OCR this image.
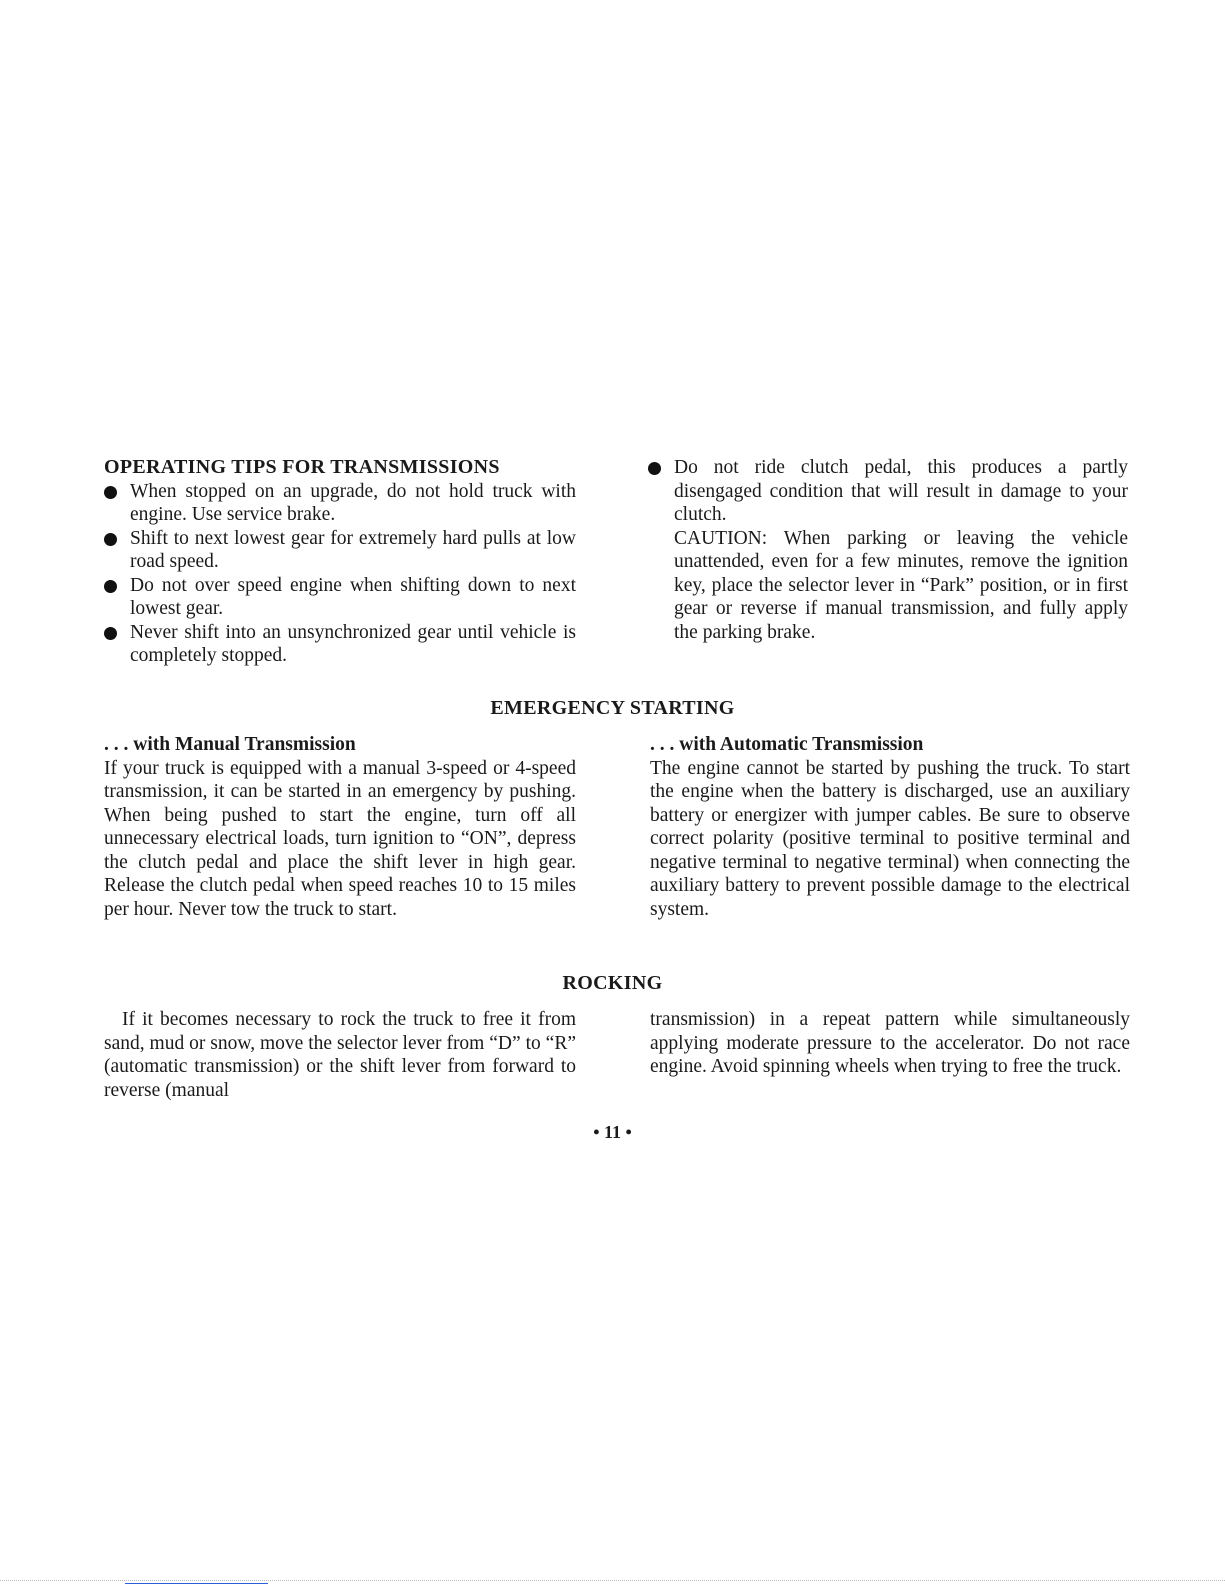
OPERATING TIPS FOR TRANSMISSIONS
When stopped on an upgrade, do not hold truck with engine. Use service brake.
Shift to next lowest gear for extremely hard pulls at low road speed.
Do not over speed engine when shifting down to next lowest gear.
Never shift into an unsynchronized gear until vehicle is completely stopped.
Do not ride clutch pedal, this produces a partly disengaged condition that will result in damage to your clutch.

CAUTION: When parking or leaving the vehicle unattended, even for a few minutes, remove the ignition key, place the selector lever in “Park” position, or in first gear or reverse if manual transmission, and fully apply the parking brake.

EMERGENCY STARTING

. . . with Manual Transmission

If your truck is equipped with a manual 3-speed or 4-speed transmission, it can be started in an emergency by pushing. When being pushed to start the engine, turn off all unnecessary electrical loads, turn ignition to “ON”, depress the clutch pedal and place the shift lever in high gear. Release the clutch pedal when speed reaches 10 to 15 miles per hour. Never tow the truck to start.

. . . with Automatic Transmission

The engine cannot be started by pushing the truck. To start the engine when the battery is discharged, use an auxiliary battery or energizer with jumper cables. Be sure to observe correct polarity (positive terminal to positive terminal and negative terminal to negative terminal) when connecting the auxiliary battery to prevent possible damage to the electrical system.

ROCKING

If it becomes necessary to rock the truck to free it from sand, mud or snow, move the selector lever from “D” to “R” (automatic transmission) or the shift lever from forward to reverse (manual

transmission) in a repeat pattern while simultaneously applying moderate pressure to the accelerator. Do not race engine. Avoid spinning wheels when trying to free the truck.

• 11 •
